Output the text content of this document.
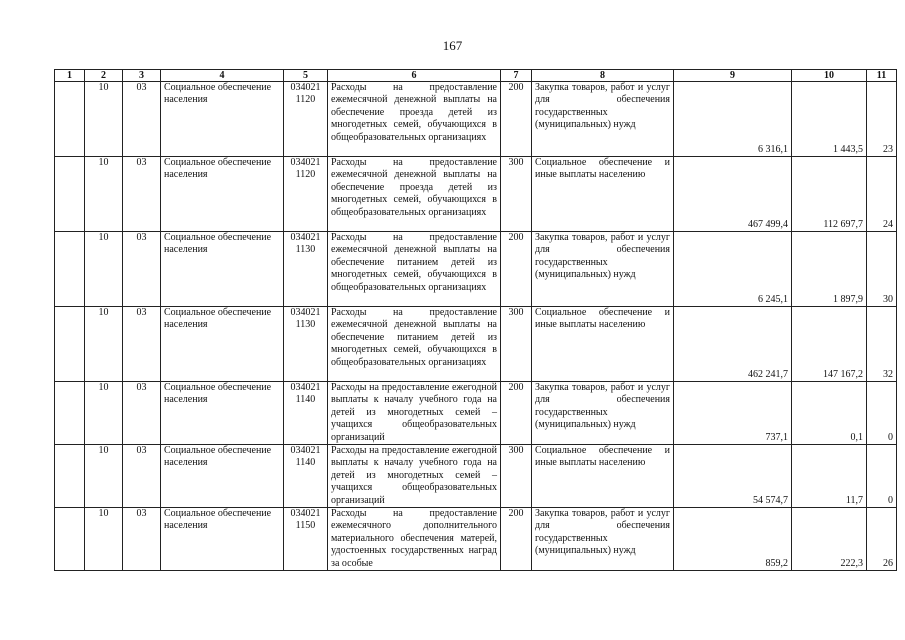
167
1	2	3	4	5	6	7	8	9	10	11
	10	03	Социальное обеспечение населения	034021 1120	Расходы на предоставление ежемесячной денежной выплаты на обеспечение проезда детей из многодетных семей, обучающихся в общеобразовательных организациях	200	Закупка товаров, работ и услуг для обеспечения государственных (муниципальных) нужд	6 316,1	1 443,5	23
	10	03	Социальное обеспечение населения	034021 1120	Расходы на предоставление ежемесячной денежной выплаты на обеспечение проезда детей из многодетных семей, обучающихся в общеобразовательных организациях	300	Социальное обеспечение и иные выплаты населению	467 499,4	112 697,7	24
	10	03	Социальное обеспечение населения	034021 1130	Расходы на предоставление ежемесячной денежной выплаты на обеспечение питанием детей из многодетных семей, обучающихся в общеобразовательных организациях	200	Закупка товаров, работ и услуг для обеспечения государственных (муниципальных) нужд	6 245,1	1 897,9	30
	10	03	Социальное обеспечение населения	034021 1130	Расходы на предоставление ежемесячной денежной выплаты на обеспечение питанием детей из многодетных семей, обучающихся в общеобразовательных организациях	300	Социальное обеспечение и иные выплаты населению	462 241,7	147 167,2	32
	10	03	Социальное обеспечение населения	034021 1140	Расходы на предоставление ежегодной выплаты к началу учебного года на детей из многодетных семей – учащихся общеобразовательных организаций	200	Закупка товаров, работ и услуг для обеспечения государственных (муниципальных) нужд	737,1	0,1	0
	10	03	Социальное обеспечение населения	034021 1140	Расходы на предоставление ежегодной выплаты к началу учебного года на детей из многодетных семей – учащихся общеобразовательных организаций	300	Социальное обеспечение и иные выплаты населению	54 574,7	11,7	0
	10	03	Социальное обеспечение населения	034021 1150	Расходы на предоставление ежемесячного дополнительного материального обеспечения матерей, удостоенных государственных наград за особые	200	Закупка товаров, работ и услуг для обеспечения государственных (муниципальных) нужд	859,2	222,3	26
